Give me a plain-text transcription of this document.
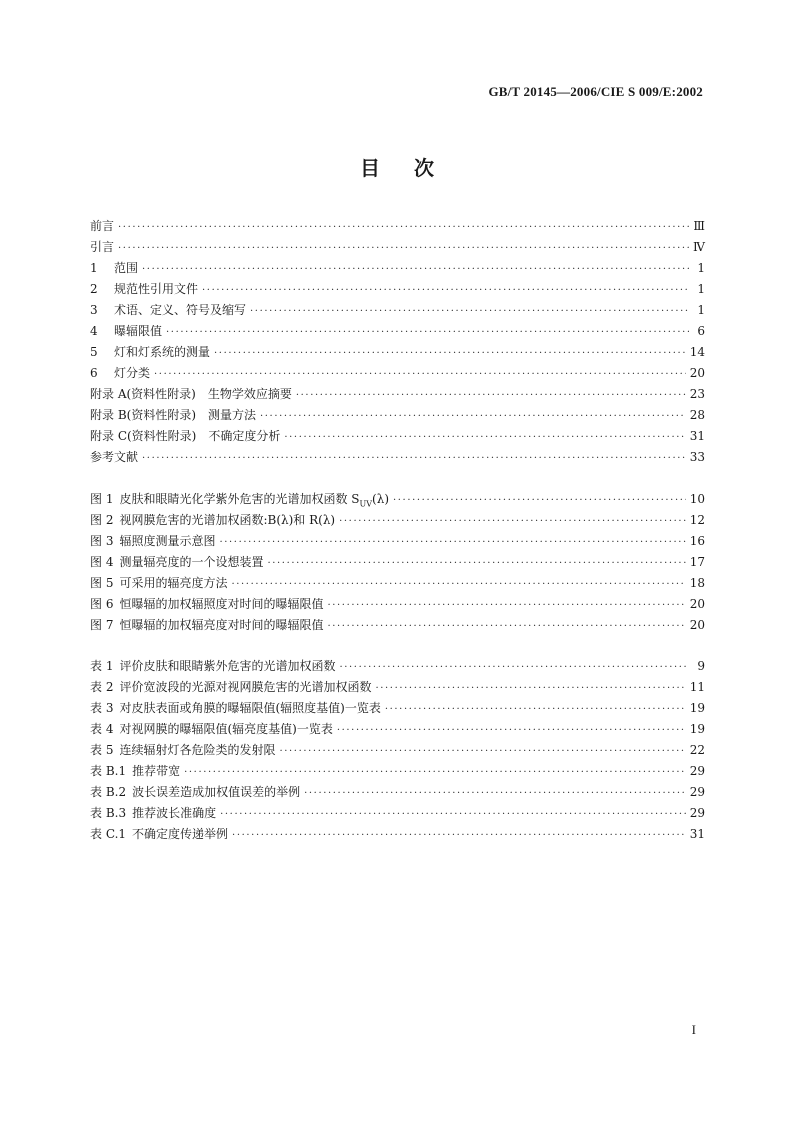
GB/T 20145—2006/CIE S 009/E:2002
目次
前言 ·····	Ⅲ
引言 ·····	Ⅳ
1 范围 ·····	1
2 规范性引用文件 ·····	1
3 术语、定义、符号及缩写 ·····	1
4 曝辐限值 ·····	6
5 灯和灯系统的测量 ·····	14
6 灯分类 ·····	20
附录 A(资料性附录)　生物学效应摘要 ·····	23
附录 B(资料性附录)　测量方法 ·····	28
附录 C(资料性附录)　不确定度分析 ·····	31
参考文献 ·····	33
图 1 皮肤和眼睛光化学紫外危害的光谱加权函数 $S_{UV}(\lambda)$ ·····	10
图 2 视网膜危害的光谱加权函数:B(λ)和 R(λ) ·····	12
图 3 辐照度测量示意图 ·····	16
图 4 测量辐亮度的一个设想装置 ·····	17
图 5 可采用的辐亮度方法 ·····	18
图 6 恒曝辐的加权辐照度对时间的曝辐限值 ·····	20
图 7 恒曝辐的加权辐亮度对时间的曝辐限值 ·····	20
表 1 评价皮肤和眼睛紫外危害的光谱加权函数 ·····	9
表 2 评价宽波段的光源对视网膜危害的光谱加权函数 ·····	11
表 3 对皮肤表面或角膜的曝辐限值(辐照度基值)一览表 ·····	19
表 4 对视网膜的曝辐限值(辐亮度基值)一览表 ·····	19
表 5 连续辐射灯各危险类的发射限 ·····	22
表 B.1 推荐带宽 ·····	29
表 B.2 波长误差造成加权值误差的举例 ·····	29
表 B.3 推荐波长准确度 ·····	29
表 C.1 不确定度传递举例 ·····	31
I
